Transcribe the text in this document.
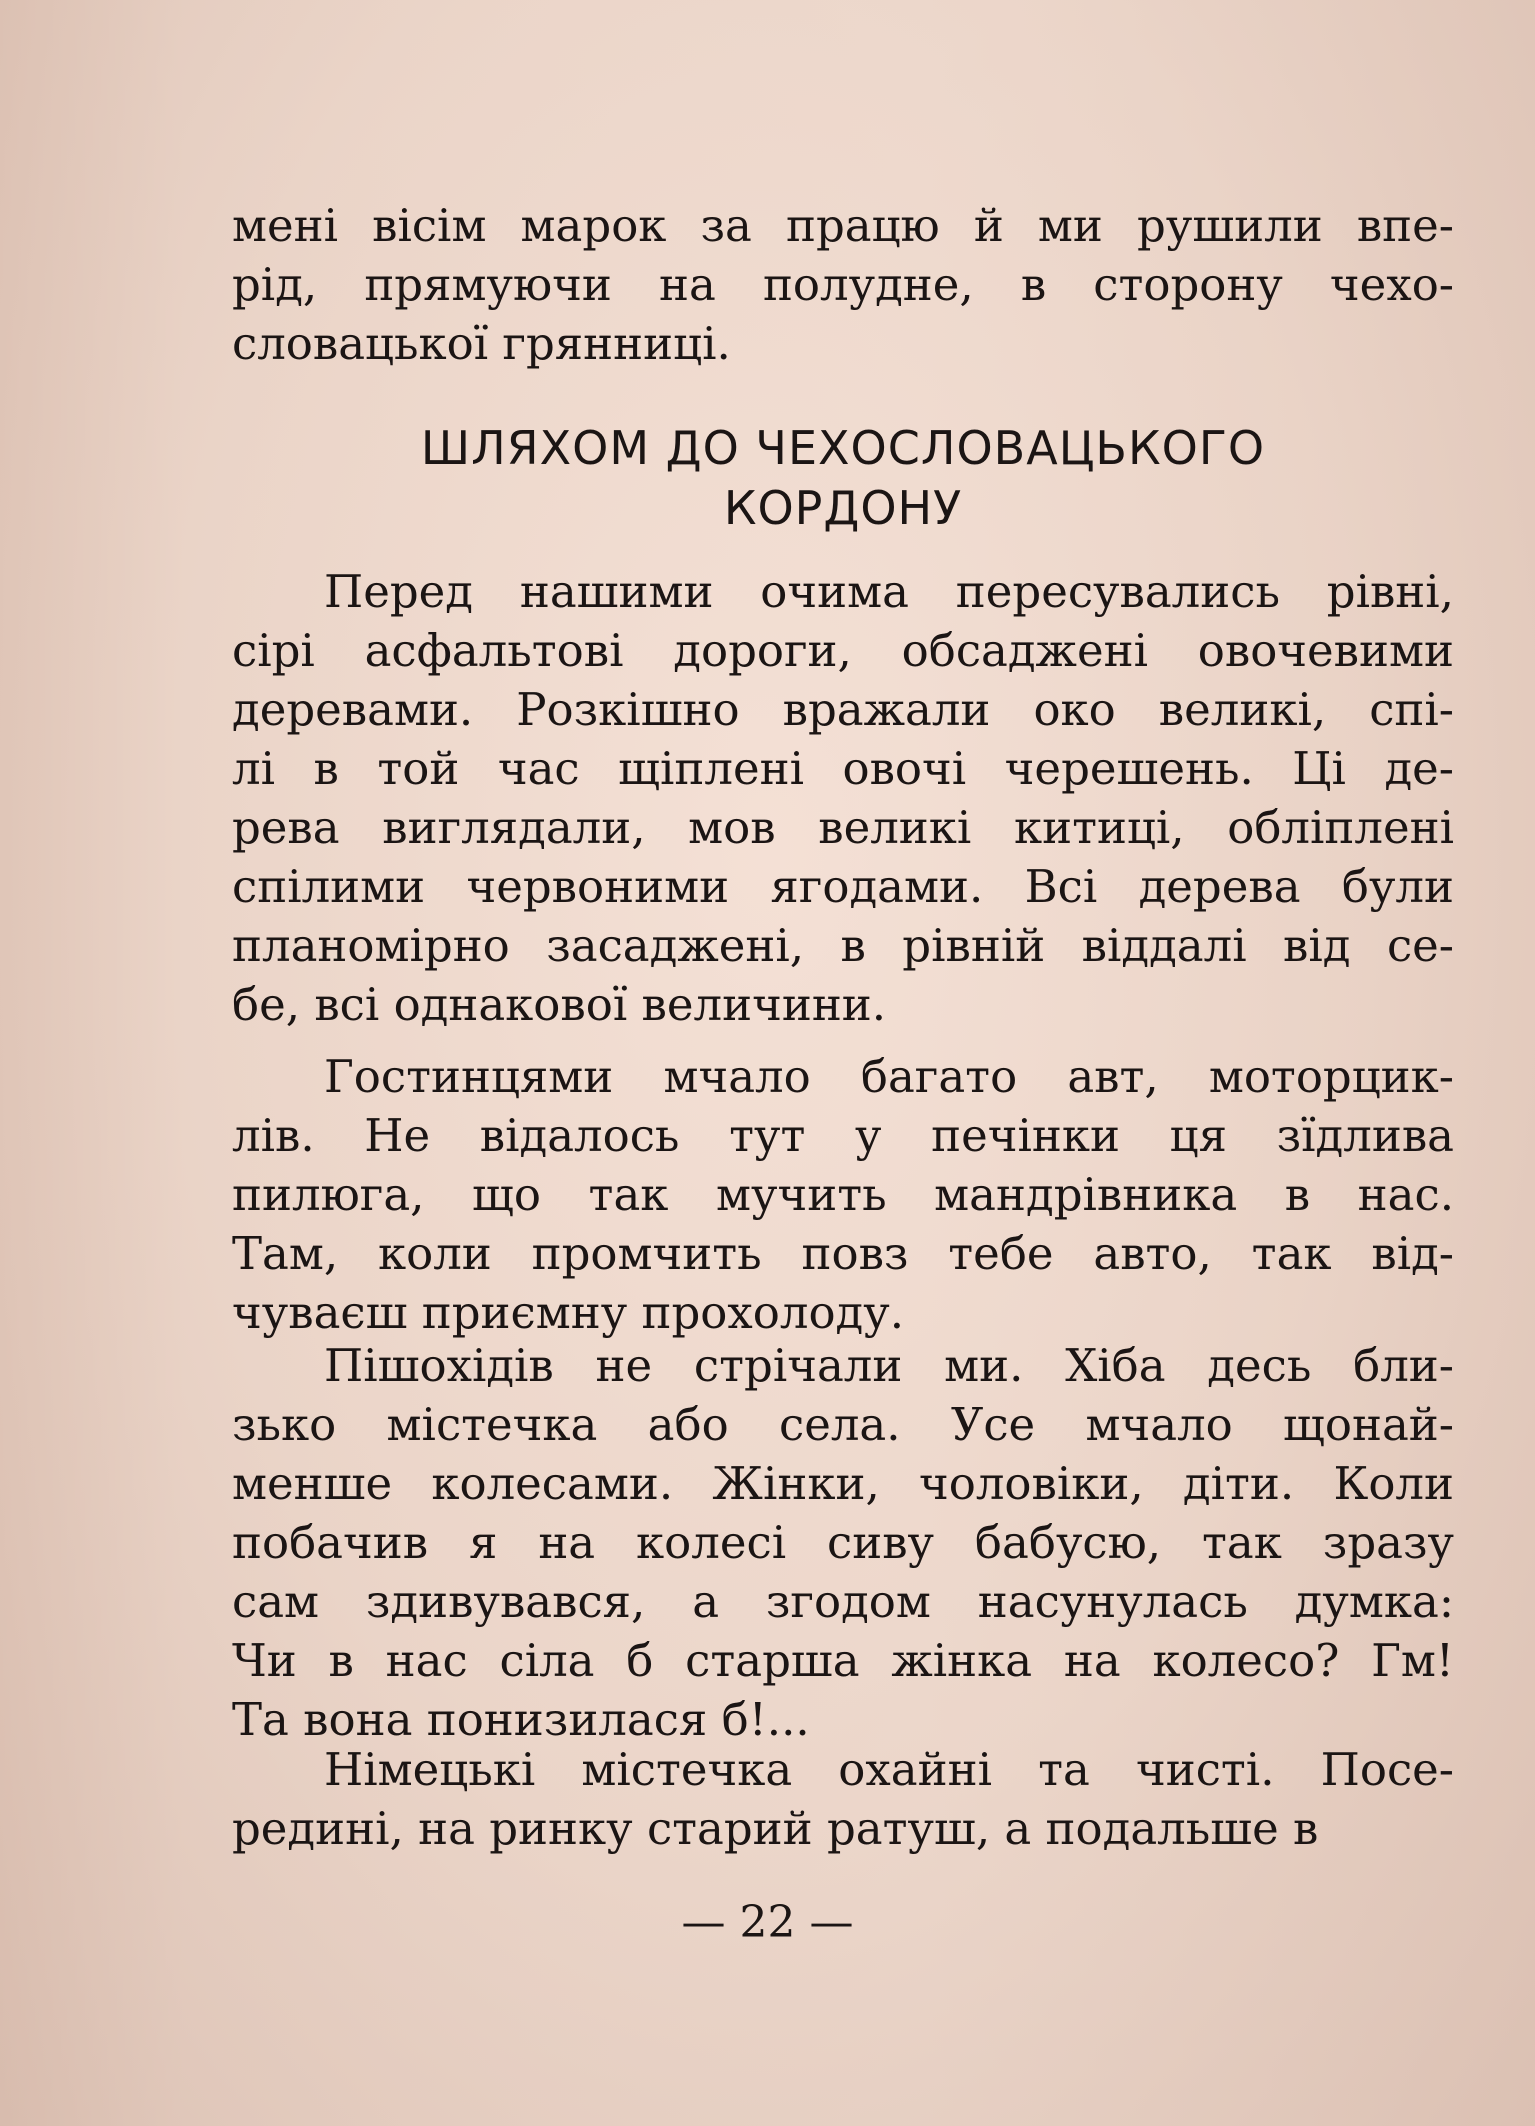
мені вісім марок за працю й ми рушили впе-
рід, прямуючи на полудне, в сторону чехо-
словацької грянниці.
ШЛЯХОМ ДО ЧЕХОСЛОВАЦЬКОГО
КОРДОНУ
Перед нашими очима пересувались рівні,
сірі асфальтові дороги, обсаджені овочевими
деревами. Розкішно вражали око великі, спі-
лі в той час щіплені овочі черешень. Ці де-
рева виглядали, мов великі китиці, обліплені
спілими червоними ягодами. Всі дерева були
планомірно засаджені, в рівній віддалі від се-
бе, всі однакової величини.
Гостинцями мчало багато авт, моторцик-
лів. Не відалось тут у печінки ця зїдлива
пилюга, що так мучить мандрівника в нас.
Там, коли промчить повз тебе авто, так від-
чуваєш приємну прохолоду.
Пішохідів не стрічали ми. Хіба десь бли-
зько містечка або села. Усе мчало щонай-
менше колесами. Жінки, чоловіки, діти. Коли
побачив я на колесі сиву бабусю, так зразу
сам здивувався, а згодом насунулась думка:
Чи в нас сіла б старша жінка на колесо? Гм!
Та вона понизилася б!...
Німецькі містечка охайні та чисті. Посе-
редині, на ринку старий ратуш, а подальше в
— 22 —
